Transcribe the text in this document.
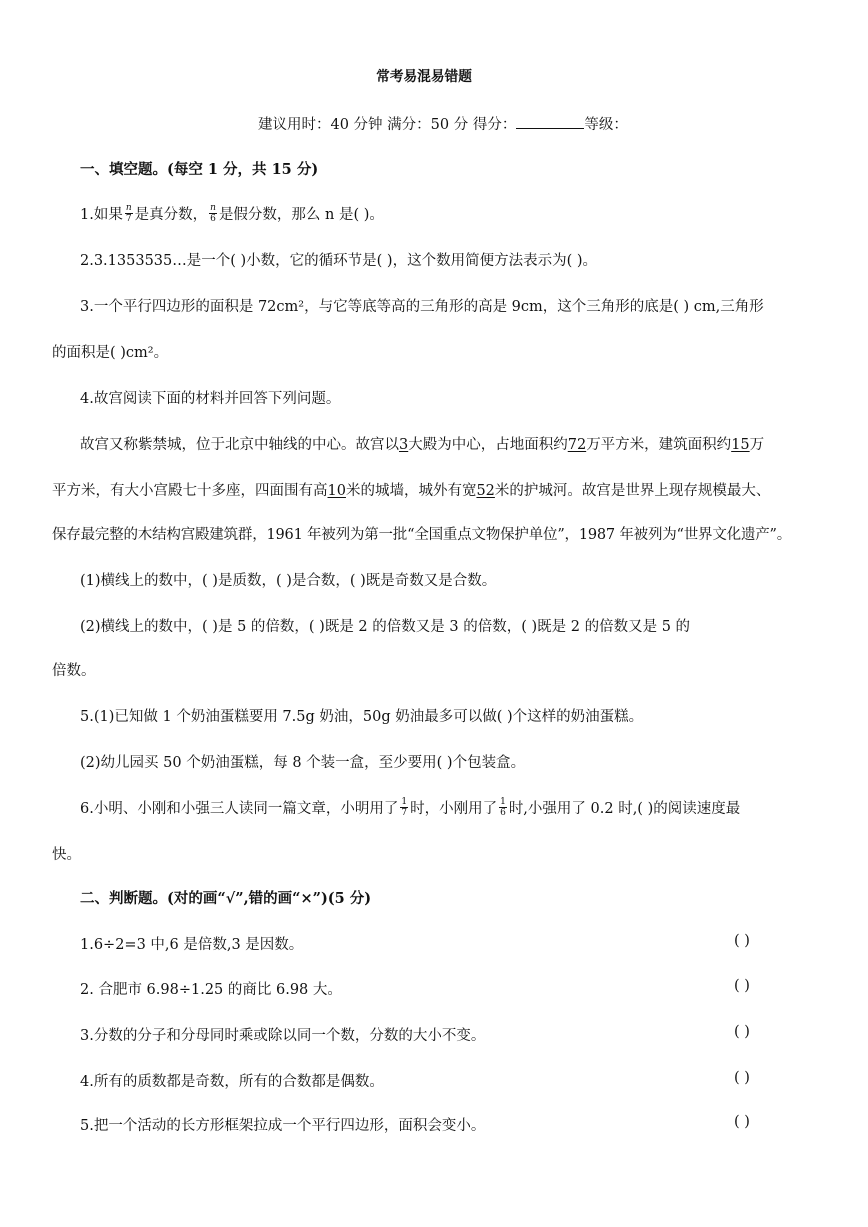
常考易混易错题
建议用时：40 分钟 满分：50 分 得分：	等级：
一、填空题。(每空 1 分，共 15 分)
1.如果 $\frac{n}{7}$ 是真分数， $\frac{n}{6}$ 是假分数，那么 n 是( )。
2.3.1353535…是一个( )小数，它的循环节是( )，这个数用简便方法表示为( )。
3.一个平行四边形的面积是 72cm²，与它等底等高的三角形的高是 9cm，这个三角形的底是( ) cm,三角形
的面积是( )cm²。
4.故宫阅读下面的材料并回答下列问题。
故宫又称紫禁城，位于北京中轴线的中心。故宫以3大殿为中心，占地面积约72万平方米，建筑面积约15万
平方米，有大小宫殿七十多座，四面围有高10米的城墙，城外有宽52米的护城河。故宫是世界上现存规模最大、
保存最完整的木结构宫殿建筑群，1961 年被列为第一批“全国重点文物保护单位”，1987 年被列为“世界文化遗产”。
(1)横线上的数中，( )是质数，( )是合数，( )既是奇数又是合数。
(2)横线上的数中，( )是 5 的倍数，( )既是 2 的倍数又是 3 的倍数，( )既是 2 的倍数又是 5 的
倍数。
5.(1)已知做 1 个奶油蛋糕要用 7.5g 奶油，50g 奶油最多可以做( )个这样的奶油蛋糕。
(2)幼儿园买 50 个奶油蛋糕，每 8 个装一盒，至少要用( )个包装盒。
6.小明、小刚和小强三人读同一篇文章，小明用了 $\frac{1}{7}$ 时，小刚用了 $\frac{1}{6}$ 时,小强用了 0.2 时,( )的阅读速度最
快。
二、判断题。(对的画“√”,错的画“×”)(5 分)
1.6÷2=3 中,6 是倍数,3 是因数。	( )
2. 合肥市 6.98÷1.25 的商比 6.98 大。	( )
3.分数的分子和分母同时乘或除以同一个数，分数的大小不变。	( )
4.所有的质数都是奇数，所有的合数都是偶数。	( )
5.把一个活动的长方形框架拉成一个平行四边形，面积会变小。	( )
